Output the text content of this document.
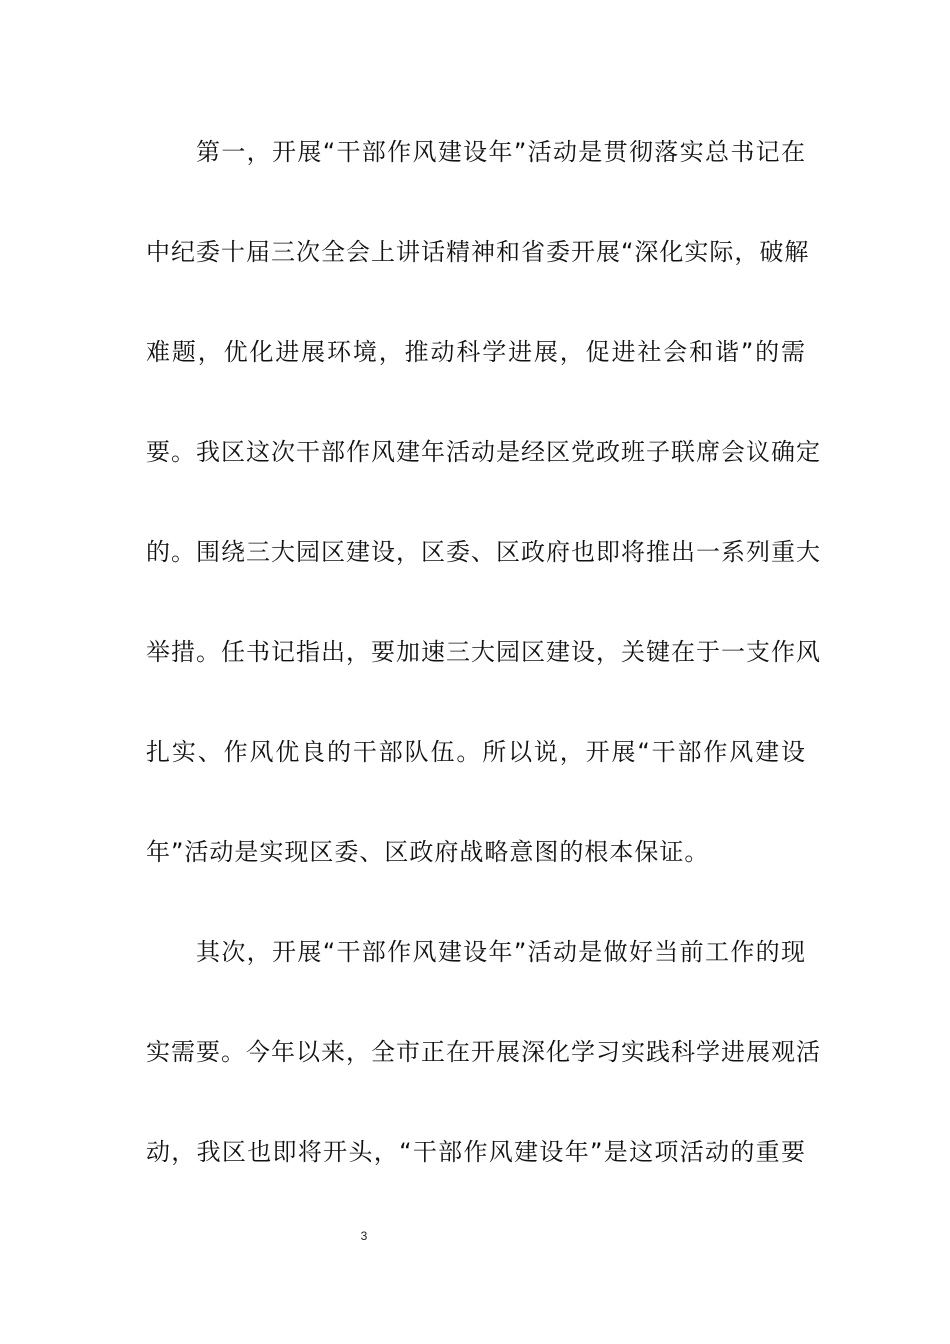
第一，开展“干部作风建设年”活动是贯彻落实总书记在
中纪委十届三次全会上讲话精神和省委开展“深化实际，破解
难题，优化进展环境，推动科学进展，促进社会和谐”的需
要。我区这次干部作风建年活动是经区党政班子联席会议确定
的。围绕三大园区建设，区委、区政府也即将推出一系列重大
举措。任书记指出，要加速三大园区建设，关键在于一支作风
扎实、作风优良的干部队伍。所以说，开展“干部作风建设
年”活动是实现区委、区政府战略意图的根本保证。
其次，开展“干部作风建设年”活动是做好当前工作的现
实需要。今年以来，全市正在开展深化学习实践科学进展观活
动，我区也即将开头，“干部作风建设年”是这项活动的重要
3
